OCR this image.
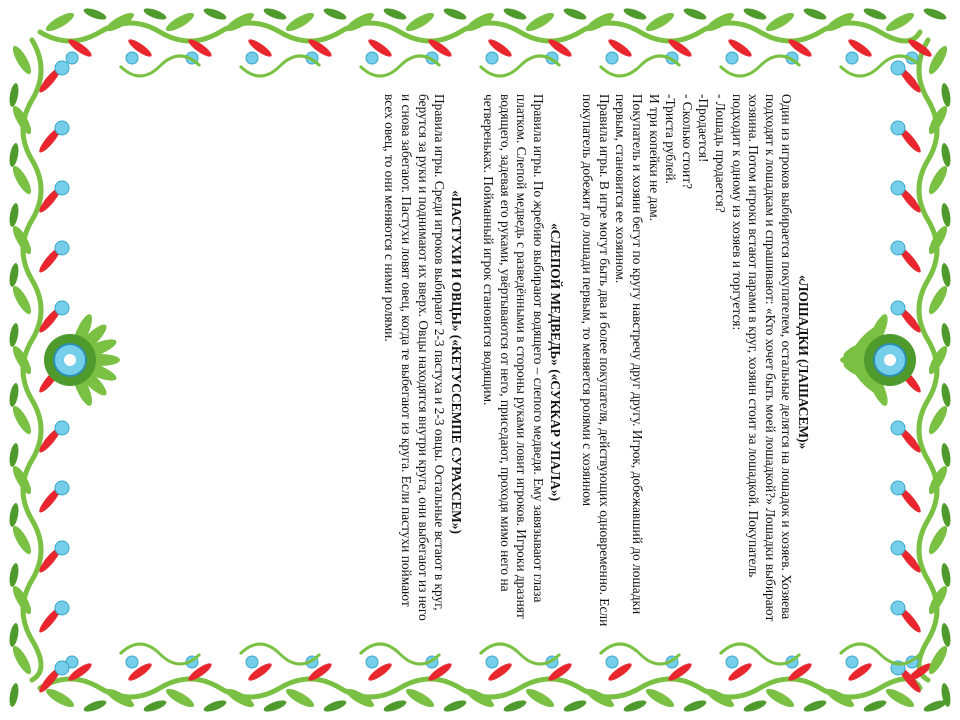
«ЛОШАДКИ (ЛАШАСЕМ)»

Один из игроков выбирается покупателем, остальные делятся на лошадок и хозяев. Хозяева подходят к лошадкам и спрашивают: «Кто хочет быть моей лошадкой?» Лошадки выбирают хозяина. Потом игроки встают парами в круг, хозяин стоит за лошадкой. Покупатель подходит к одному из хозяев и торгуется:

- Лошадь продается?

-Продается!

- Сколько стоит?

-Триста рублей.

И три копейки не дам.

Покупатель и хозяин бегут по кругу навстречу друг другу. Игрок, добежавший до лошадки первым, становится ее хозяином.

Правила игры. В игре могут быть два и более покупателя, действующих одновременно. Если покупатель добежит до лошади первым, то меняется ролями с хозяином

«СЛЕПОЙ МЕДВЕДЬ» («СУККАР УПАЛА»)

Правила игры. По жребию выбирают водящего – слепого медведя. Ему завязывают глаза платком. Слепой медведь с разведёнными в стороны руками ловит игроков. Игроки дразнят водящего, задевая его руками, увёртываются от него, приседают, проходя мимо него на четвереньках. Пойманный игрок становится водящим.

«ПАСТУХИ И ОВЦЫ» («КЕТУССЕМПЕ СУРАХСЕМ»)

Правила игры. Среди игроков выбирают 2-3 пастуха и 2-3 овцы. Остальные встают в круг, берутся за руки и поднимают их вверх. Овцы находятся внутри круга, они выбегают из него и снова забегают. Пастухи ловят овец, когда те выбегают из круга. Если пастухи поймают всех овец, то они меняются с ними ролями.
